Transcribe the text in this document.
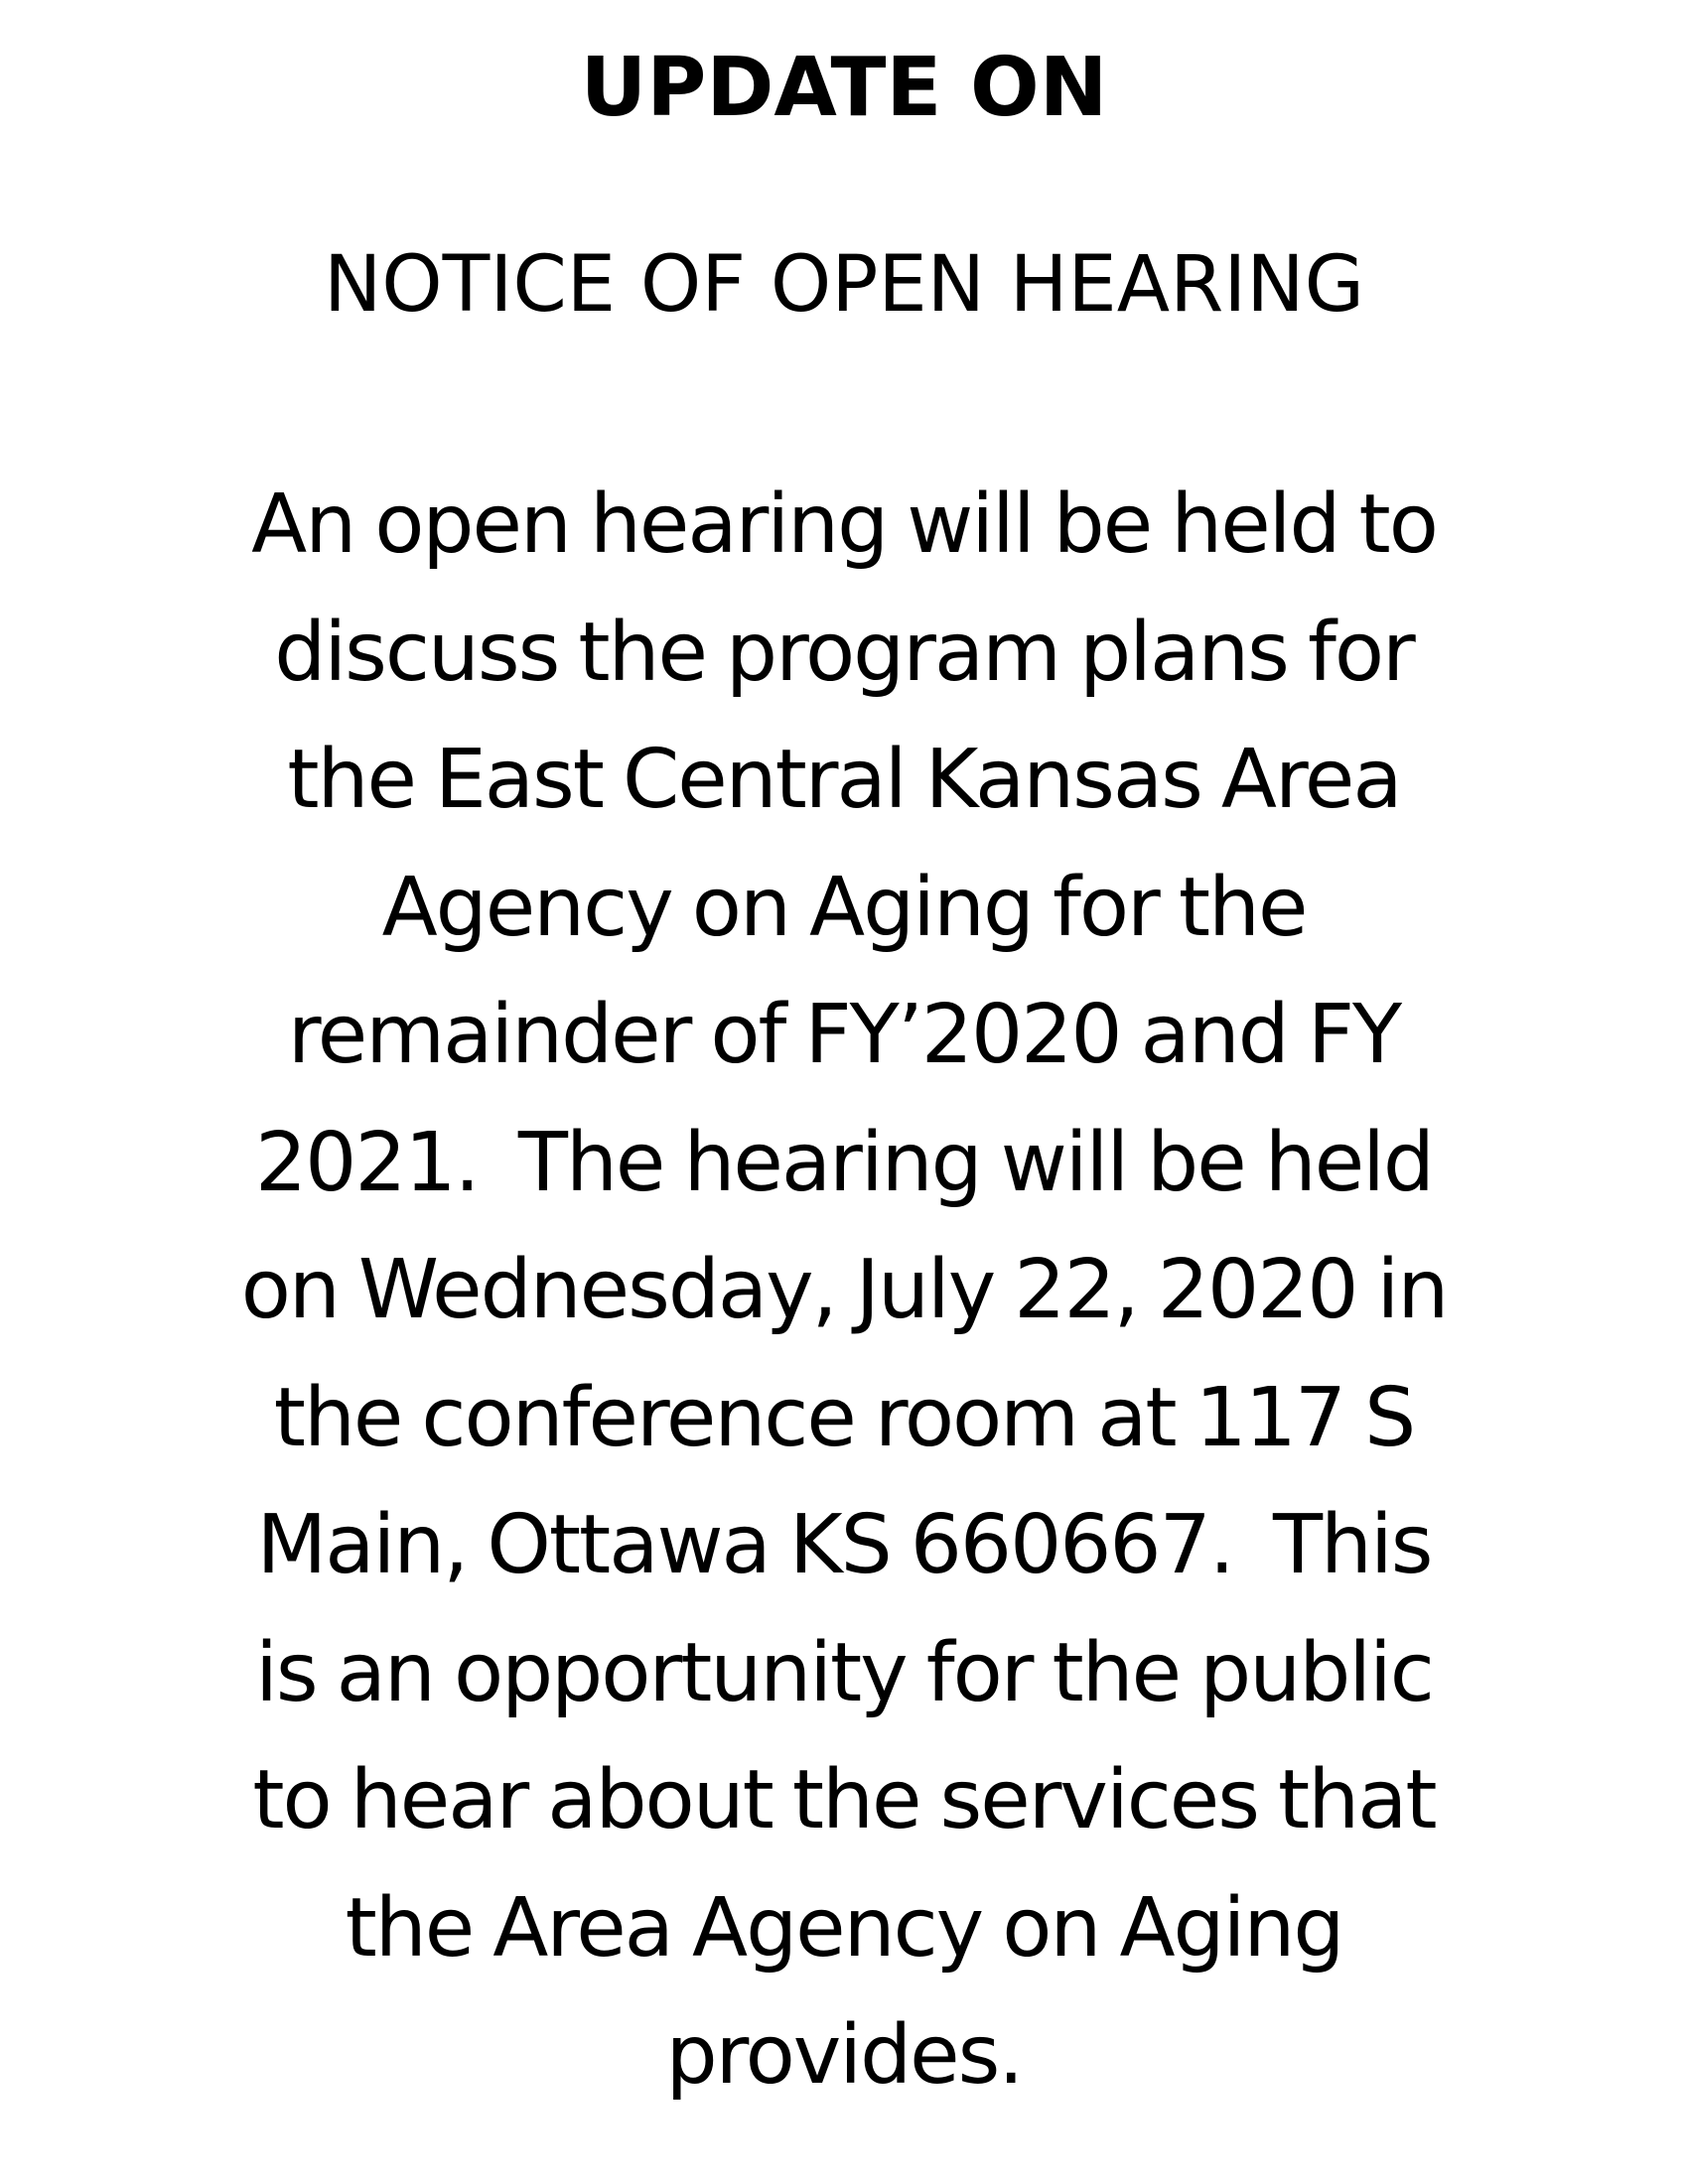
UPDATE ON
NOTICE OF OPEN HEARING
An open hearing will be held to
discuss the program plans for
the East Central Kansas Area
Agency on Aging for the
remainder of FY’2020 and FY
2021.  The hearing will be held
on Wednesday, July 22, 2020 in
the conference room at 117 S
Main, Ottawa KS 660667.  This
is an opportunity for the public
to hear about the services that
the Area Agency on Aging
provides.
